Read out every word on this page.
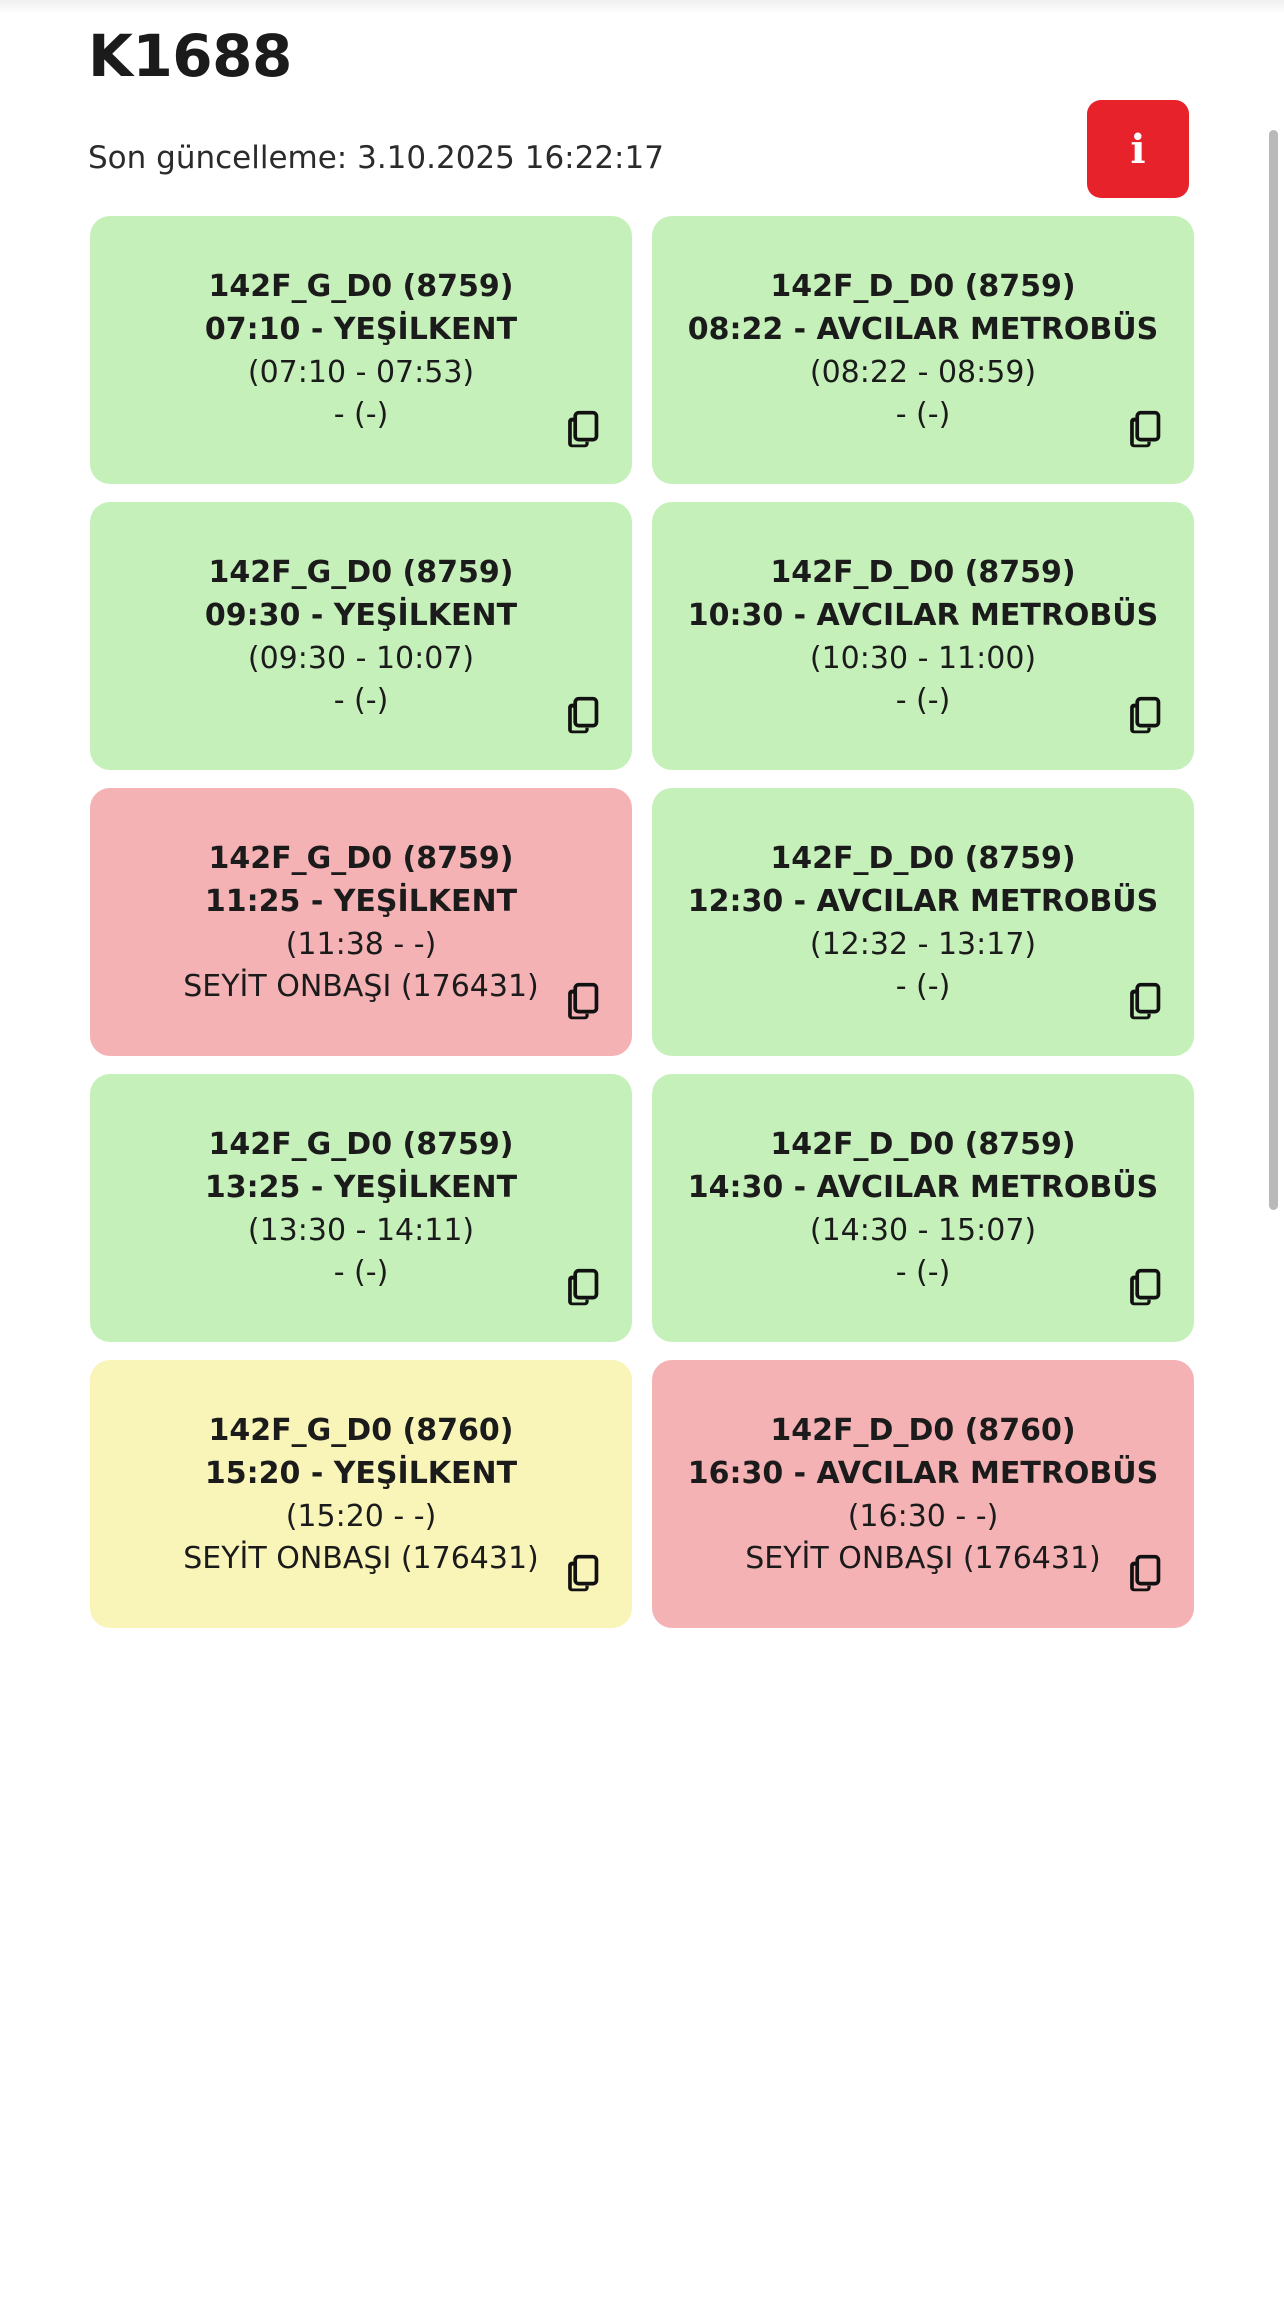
K1688
i

Son güncelleme: 3.10.2025 16:22:17

142F_G_D0 (8759)

07:10 - YEŞİLKENT

(07:10 - 07:53)

- (-)

142F_D_D0 (8759)

08:22 - AVCILAR METROBÜS

(08:22 - 08:59)

- (-)

142F_G_D0 (8759)

09:30 - YEŞİLKENT

(09:30 - 10:07)

- (-)

142F_D_D0 (8759)

10:30 - AVCILAR METROBÜS

(10:30 - 11:00)

- (-)

142F_G_D0 (8759)

11:25 - YEŞİLKENT

(11:38 - -)

SEYİT ONBAŞI (176431)

142F_D_D0 (8759)

12:30 - AVCILAR METROBÜS

(12:32 - 13:17)

- (-)

142F_G_D0 (8759)

13:25 - YEŞİLKENT

(13:30 - 14:11)

- (-)

142F_D_D0 (8759)

14:30 - AVCILAR METROBÜS

(14:30 - 15:07)

- (-)

142F_G_D0 (8760)

15:20 - YEŞİLKENT

(15:20 - -)

SEYİT ONBAŞI (176431)

142F_D_D0 (8760)

16:30 - AVCILAR METROBÜS

(16:30 - -)

SEYİT ONBAŞI (176431)
